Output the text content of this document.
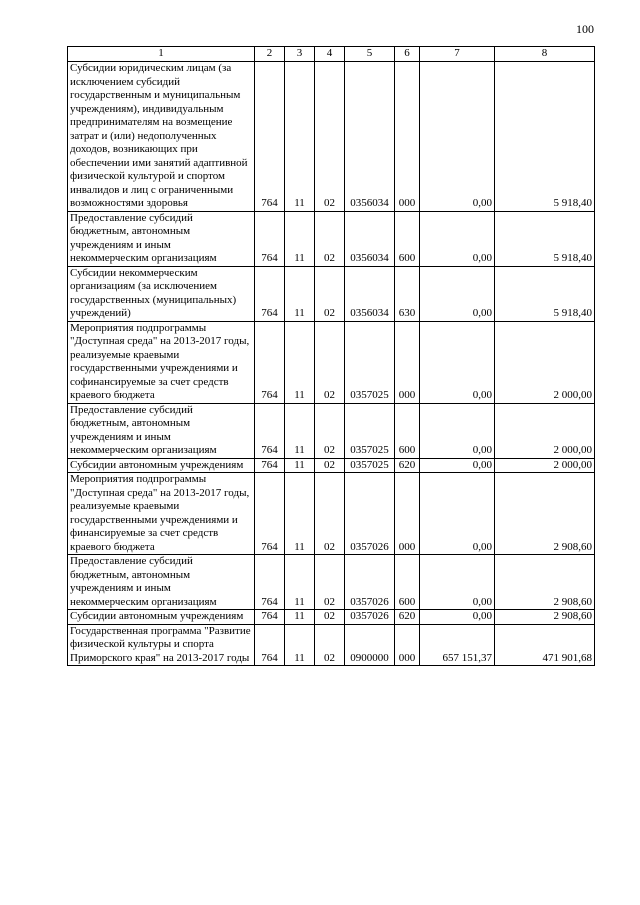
100
1	2	3	4	5	6	7	8
Субсидии юридическим лицам (за исключением субсидий государственным и муниципальным учреждениям), индивидуальным предпринимателям на возмещение затрат и (или) недополученных доходов, возникающих при обеспечении ими занятий адаптивной физической культурой и спортом инвалидов и лиц с ограниченными возможностями здоровья	764	11	02	0356034	000	0,00	5 918,40
Предоставление субсидий бюджетным, автономным учреждениям и иным некоммерческим организациям	764	11	02	0356034	600	0,00	5 918,40
Субсидии некоммерческим организациям (за исключением государственных (муниципальных) учреждений)	764	11	02	0356034	630	0,00	5 918,40
Мероприятия подпрограммы "Доступная среда" на 2013-2017 годы, реализуемые краевыми государственными учреждениями и софинансируемые за счет средств краевого бюджета	764	11	02	0357025	000	0,00	2 000,00
Предоставление субсидий бюджетным, автономным учреждениям и иным некоммерческим организациям	764	11	02	0357025	600	0,00	2 000,00
Субсидии автономным учреждениям	764	11	02	0357025	620	0,00	2 000,00
Мероприятия подпрограммы "Доступная среда" на 2013-2017 годы, реализуемые краевыми государственными учреждениями и финансируемые за счет средств краевого бюджета	764	11	02	0357026	000	0,00	2 908,60
Предоставление субсидий бюджетным, автономным учреждениям и иным некоммерческим организациям	764	11	02	0357026	600	0,00	2 908,60
Субсидии автономным учреждениям	764	11	02	0357026	620	0,00	2 908,60
Государственная программа "Развитие физической культуры и спорта Приморского края" на 2013-2017 годы	764	11	02	0900000	000	657 151,37	471 901,68
